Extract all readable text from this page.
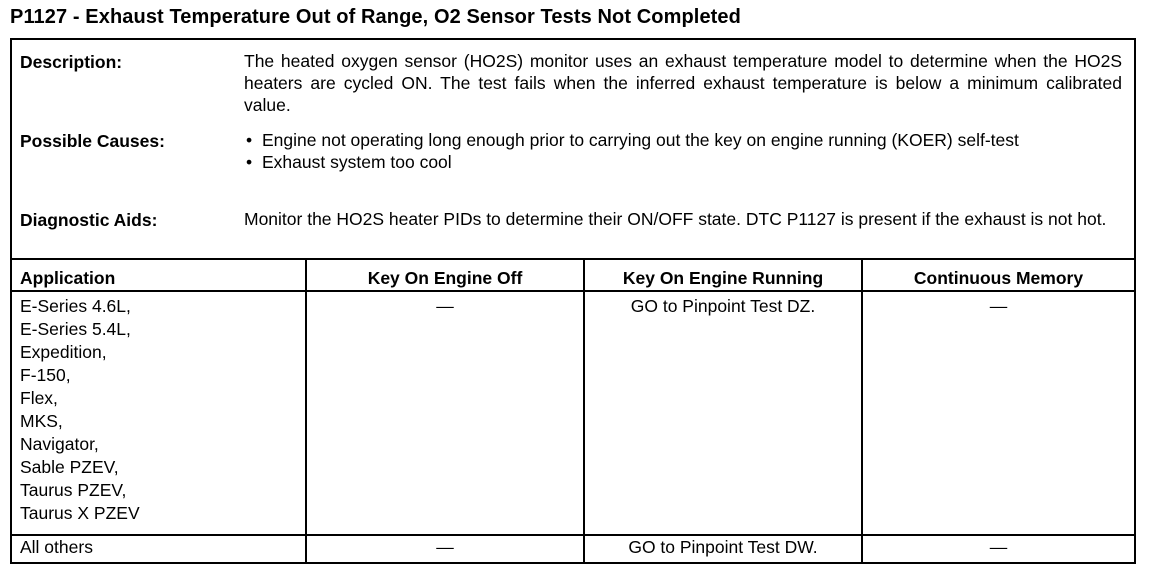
P1127 - Exhaust Temperature Out of Range, O2 Sensor Tests Not Completed
Description:	The heated oxygen sensor (HO2S) monitor uses an exhaust temperature model to determine when the HO2S heaters are cycled ON. The test fails when the inferred exhaust temperature is below a minimum calibrated value.
Possible Causes:
•	Engine not operating long enough prior to carrying out the key on engine running (KOER) self-test
• Exhaust system too cool
Diagnostic Aids:	Monitor the HO2S heater PIDs to determine their ON/OFF state. DTC P1127 is present if the exhaust is not hot.
Application	Key On Engine Off	Key On Engine Running	Continuous Memory
E-Series 4.6L,
E-Series 5.4L,
Expedition,
F-150,
Flex,
MKS,
Navigator,
Sable PZEV,
Taurus PZEV,
Taurus X PZEV
—	GO to Pinpoint Test DZ.	—
All others	—	GO to Pinpoint Test DW.	—
